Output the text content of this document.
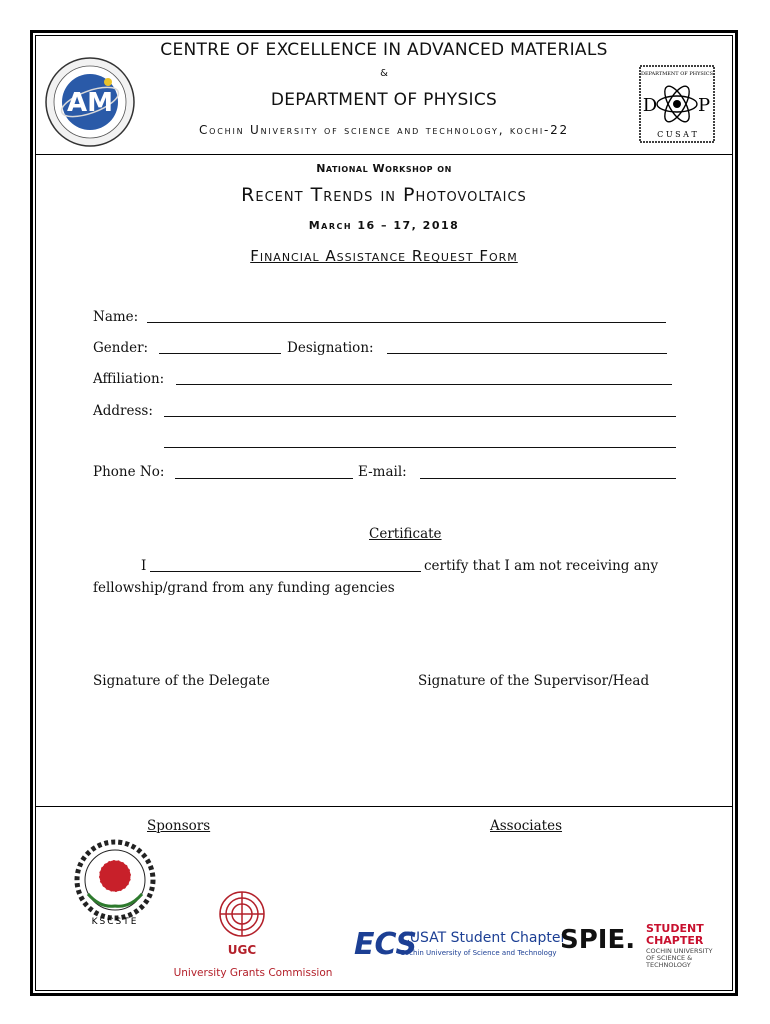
AM
DEPARTMENT OF PHYSICS
D P
C U S A T
CENTRE OF EXCELLENCE IN ADVANCED MATERIALS
&
DEPARTMENT OF PHYSICS
Cochin University of science and technology, kochi-22
National Workshop on
Recent Trends in Photovoltaics
March 16 – 17, 2018
Financial Assistance Request Form
Name:
Gender:	Designation:
Affiliation:
Address:
Phone No:	E-mail:
Certificate
I	certify that I am not receiving any
fellowship/grand from any funding agencies
Signature of the Delegate	Signature of the Supervisor/Head
Sponsors	Associates
KSCSTE
UGC
University Grants Commission
ECS
CUSAT Student Chapter
Cochin University of Science and Technology SPIE. STUDENT
CHAPTER
COCHIN UNIVERSITY
OF SCIENCE &
TECHNOLOGY
